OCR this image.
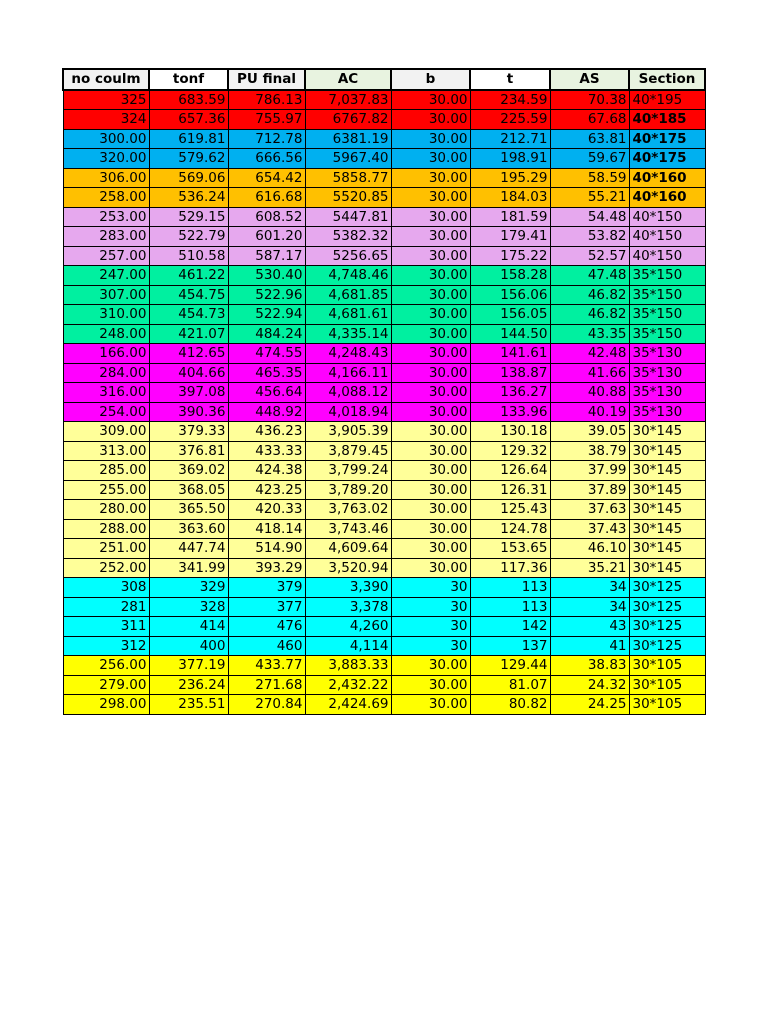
no coulm	tonf	PU final	AC	b	t	AS	Section
325	683.59	786.13	7,037.83	30.00	234.59	70.38	40*195
324	657.36	755.97	6767.82	30.00	225.59	67.68	40*185
300.00	619.81	712.78	6381.19	30.00	212.71	63.81	40*175
320.00	579.62	666.56	5967.40	30.00	198.91	59.67	40*175
306.00	569.06	654.42	5858.77	30.00	195.29	58.59	40*160
258.00	536.24	616.68	5520.85	30.00	184.03	55.21	40*160
253.00	529.15	608.52	5447.81	30.00	181.59	54.48	40*150
283.00	522.79	601.20	5382.32	30.00	179.41	53.82	40*150
257.00	510.58	587.17	5256.65	30.00	175.22	52.57	40*150
247.00	461.22	530.40	4,748.46	30.00	158.28	47.48	35*150
307.00	454.75	522.96	4,681.85	30.00	156.06	46.82	35*150
310.00	454.73	522.94	4,681.61	30.00	156.05	46.82	35*150
248.00	421.07	484.24	4,335.14	30.00	144.50	43.35	35*150
166.00	412.65	474.55	4,248.43	30.00	141.61	42.48	35*130
284.00	404.66	465.35	4,166.11	30.00	138.87	41.66	35*130
316.00	397.08	456.64	4,088.12	30.00	136.27	40.88	35*130
254.00	390.36	448.92	4,018.94	30.00	133.96	40.19	35*130
309.00	379.33	436.23	3,905.39	30.00	130.18	39.05	30*145
313.00	376.81	433.33	3,879.45	30.00	129.32	38.79	30*145
285.00	369.02	424.38	3,799.24	30.00	126.64	37.99	30*145
255.00	368.05	423.25	3,789.20	30.00	126.31	37.89	30*145
280.00	365.50	420.33	3,763.02	30.00	125.43	37.63	30*145
288.00	363.60	418.14	3,743.46	30.00	124.78	37.43	30*145
251.00	447.74	514.90	4,609.64	30.00	153.65	46.10	30*145
252.00	341.99	393.29	3,520.94	30.00	117.36	35.21	30*145
308	329	379	3,390	30	113	34	30*125
281	328	377	3,378	30	113	34	30*125
311	414	476	4,260	30	142	43	30*125
312	400	460	4,114	30	137	41	30*125
256.00	377.19	433.77	3,883.33	30.00	129.44	38.83	30*105
279.00	236.24	271.68	2,432.22	30.00	81.07	24.32	30*105
298.00	235.51	270.84	2,424.69	30.00	80.82	24.25	30*105
